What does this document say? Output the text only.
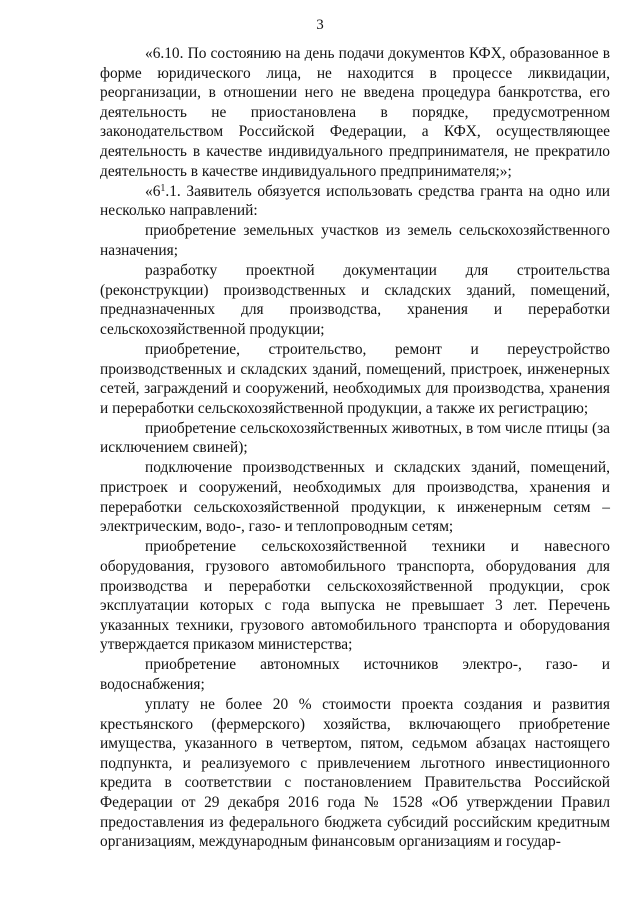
3

«6.10. По состоянию на день подачи документов КФХ, образованное в форме юридического лица, не находится в процессе ликвидации, реорганизации, в отношении него не введена процедура банкротства, его деятельность не приостановлена в порядке, предусмотренном законодательством Российской Федерации, а КФХ, осуществляющее деятельность в качестве индивидуального предпринимателя, не прекратило деятельность в качестве индивидуального предпринимателя;»;

«$6^1.1$. Заявитель обязуется использовать средства гранта на одно или несколько направлений:

приобретение земельных участков из земель сельскохозяйственного назначения;

разработку проектной документации для строительства (реконструкции) производственных и складских зданий, помещений, предназначенных для производства, хранения и переработки сельскохозяйственной продукции;

приобретение, строительство, ремонт и переустройство производственных и складских зданий, помещений, пристроек, инженерных сетей, заграждений и сооружений, необходимых для производства, хранения и переработки сельскохозяйственной продукции, а также их регистрацию;

приобретение сельскохозяйственных животных, в том числе птицы (за исключением свиней);

подключение производственных и складских зданий, помещений, пристроек и сооружений, необходимых для производства, хранения и переработки сельскохозяйственной продукции, к инженерным сетям – электрическим, водо-, газо- и теплопроводным сетям;

приобретение сельскохозяйственной техники и навесного оборудования, грузового автомобильного транспорта, оборудования для производства и переработки сельскохозяйственной продукции, срок эксплуатации которых с года выпуска не превышает 3 лет. Перечень указанных техники, грузового автомобильного транспорта и оборудования утверждается приказом министерства;

приобретение автономных источников электро-, газо- и водоснабжения;

уплату не более 20 % стоимости проекта создания и развития крестьянского (фермерского) хозяйства, включающего приобретение имущества, указанного в четвертом, пятом, седьмом абзацах настоящего подпункта, и реализуемого с привлечением льготного инвестиционного кредита в соответствии с постановлением Правительства Российской Федерации от 29 декабря 2016 года № 1528 «Об утверждении Правил предоставления из федерального бюджета субсидий российским кредитным организациям, международным финансовым организациям и государ-
